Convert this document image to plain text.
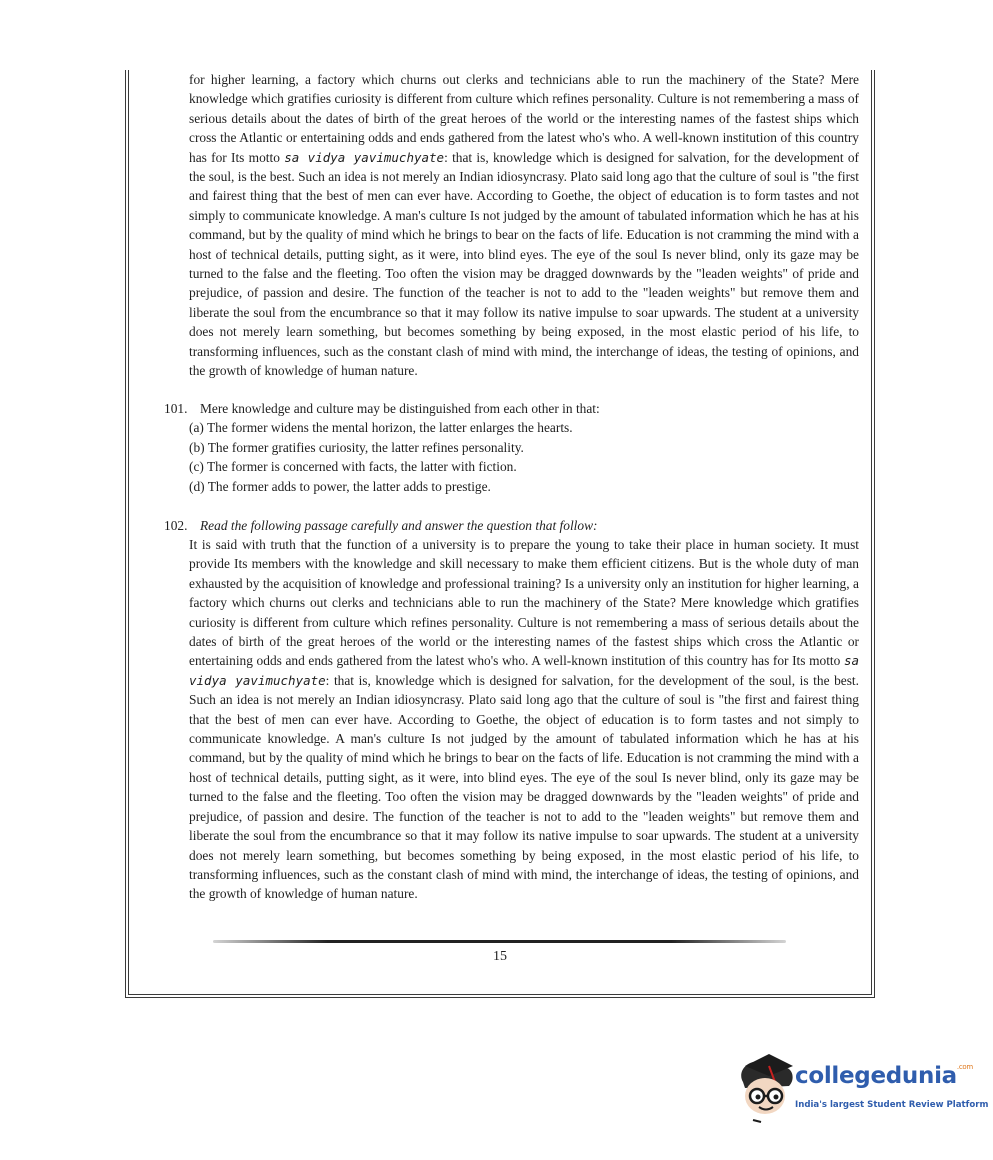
for higher learning, a factory which churns out clerks and technicians able to run the machinery of the State? Mere knowledge which gratifies curiosity is different from culture which refines personality. Culture is not remembering a mass of serious details about the dates of birth of the great heroes of the world or the interesting names of the fastest ships which cross the Atlantic or entertaining odds and ends gathered from the latest who's who. A well-known institution of this country has for Its motto sa vidya yavimuchyate: that is, knowledge which is designed for salvation, for the development of the soul, is the best. Such an idea is not merely an Indian idiosyncrasy. Plato said long ago that the culture of soul is "the first and fairest thing that the best of men can ever have. According to Goethe, the object of education is to form tastes and not simply to communicate knowledge. A man's culture Is not judged by the amount of tabulated information which he has at his command, but by the quality of mind which he brings to bear on the facts of life. Education is not cramming the mind with a host of technical details, putting sight, as it were, into blind eyes. The eye of the soul Is never blind, only its gaze may be turned to the false and the fleeting. Too often the vision may be dragged downwards by the "leaden weights" of pride and prejudice, of passion and desire. The function of the teacher is not to add to the "leaden weights" but remove them and liberate the soul from the encumbrance so that it may follow its native impulse to soar upwards. The student at a university does not merely learn something, but becomes something by being exposed, in the most elastic period of his life, to transforming influences, such as the constant clash of mind with mind, the interchange of ideas, the testing of opinions, and the growth of knowledge of human nature.

101. Mere knowledge and culture may be distinguished from each other in that:

(a) The former widens the mental horizon, the latter enlarges the hearts.
(b) The former gratifies curiosity, the latter refines personality.
(c) The former is concerned with facts, the latter with fiction.
(d) The former adds to power, the latter adds to prestige.

102. Read the following passage carefully and answer the question that follow:

It is said with truth that the function of a university is to prepare the young to take their place in human society. It must provide Its members with the knowledge and skill necessary to make them efficient citizens. But is the whole duty of man exhausted by the acquisition of knowledge and professional training? Is a university only an institution for higher learning, a factory which churns out clerks and technicians able to run the machinery of the State? Mere knowledge which gratifies curiosity is different from culture which refines personality. Culture is not remembering a mass of serious details about the dates of birth of the great heroes of the world or the interesting names of the fastest ships which cross the Atlantic or entertaining odds and ends gathered from the latest who's who. A well-known institution of this country has for Its motto sa vidya yavimuchyate: that is, knowledge which is designed for salvation, for the development of the soul, is the best. Such an idea is not merely an Indian idiosyncrasy. Plato said long ago that the culture of soul is "the first and fairest thing that the best of men can ever have. According to Goethe, the object of education is to form tastes and not simply to communicate knowledge. A man's culture Is not judged by the amount of tabulated information which he has at his command, but by the quality of mind which he brings to bear on the facts of life. Education is not cramming the mind with a host of technical details, putting sight, as it were, into blind eyes. The eye of the soul Is never blind, only its gaze may be turned to the false and the fleeting. Too often the vision may be dragged downwards by the "leaden weights" of pride and prejudice, of passion and desire. The function of the teacher is not to add to the "leaden weights" but remove them and liberate the soul from the encumbrance so that it may follow its native impulse to soar upwards. The student at a university does not merely learn something, but becomes something by being exposed, in the most elastic period of his life, to transforming influences, such as the constant clash of mind with mind, the interchange of ideas, the testing of opinions, and the growth of knowledge of human nature.

15
collegedunia$^{.com}$
India's largest Student Review Platform
